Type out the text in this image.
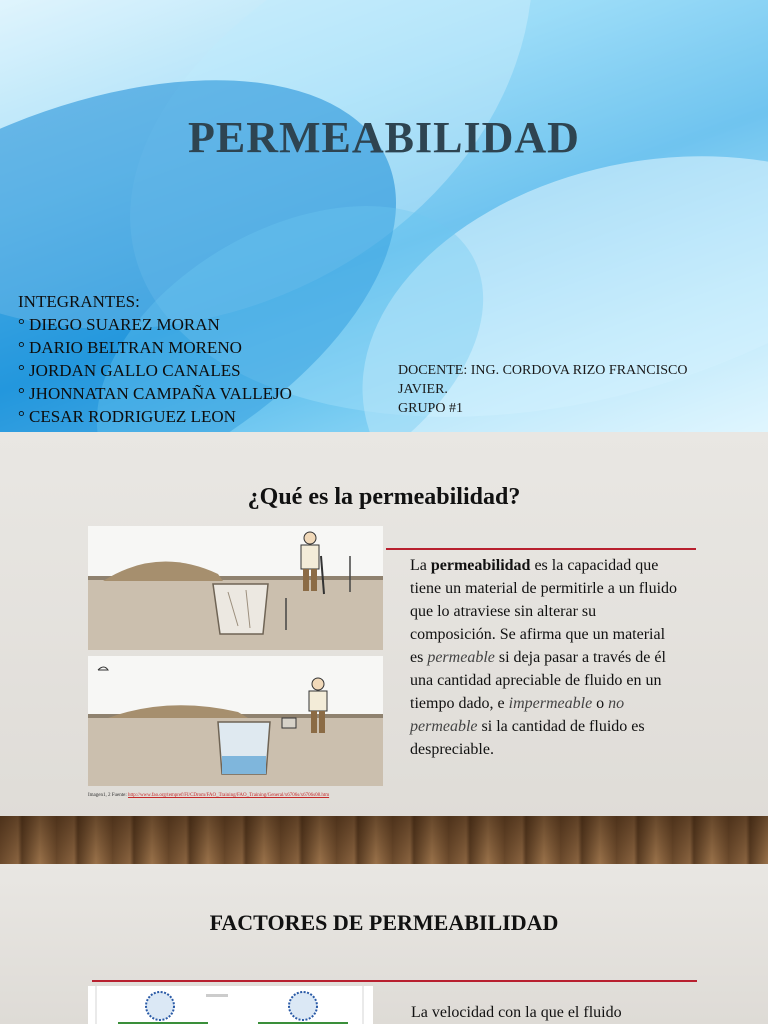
PERMEABILIDAD
INTEGRANTES:
° DIEGO SUAREZ MORAN
° DARIO BELTRAN MORENO
° JORDAN GALLO CANALES
° JHONNATAN CAMPAÑA VALLEJO
° CESAR RODRIGUEZ LEON
DOCENTE: ING. CORDOVA RIZO FRANCISCO
JAVIER.
GRUPO #1
¿Qué es la permeabilidad?
Imagen1, 2 Fuente: http://www.fao.org/tempref/FI/CDrom/FAO_Training/FAO_Training/General/x6706s/x6706s08.htm
La permeabilidad es la capacidad que tiene un material de permitirle a un fluido que lo atraviese sin alterar su composición. Se afirma que un material es permeable si deja pasar a través de él una cantidad apreciable de fluido en un tiempo dado, e impermeable o no permeable si la cantidad de fluido es despreciable.
FACTORES DE PERMEABILIDAD
La velocidad con la que el fluido
